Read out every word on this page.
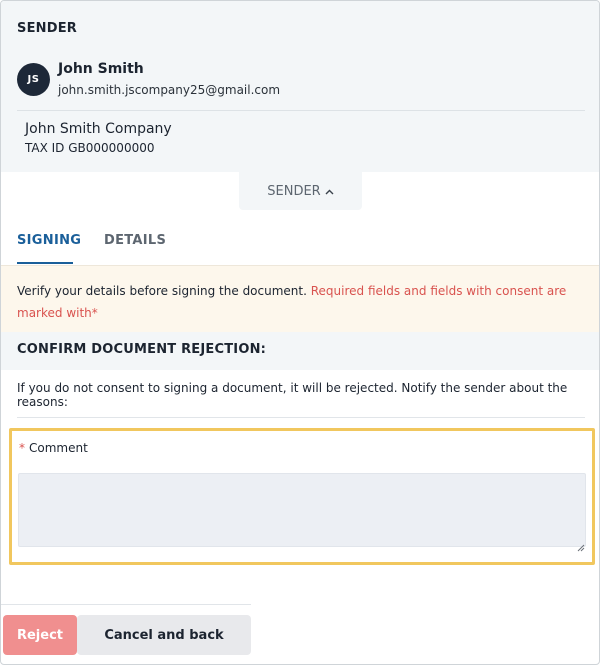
SENDER
JS
John Smith
john.smith.jscompany25@gmail.com
John Smith Company
TAX ID GB000000000
SENDER
SIGNING DETAILS
Verify your details before signing the document. Required fields and fields with consent are marked with*
CONFIRM DOCUMENT REJECTION:
If you do not consent to signing a document, it will be rejected. Notify the sender about the reasons:
* Comment
Reject	Cancel and back
